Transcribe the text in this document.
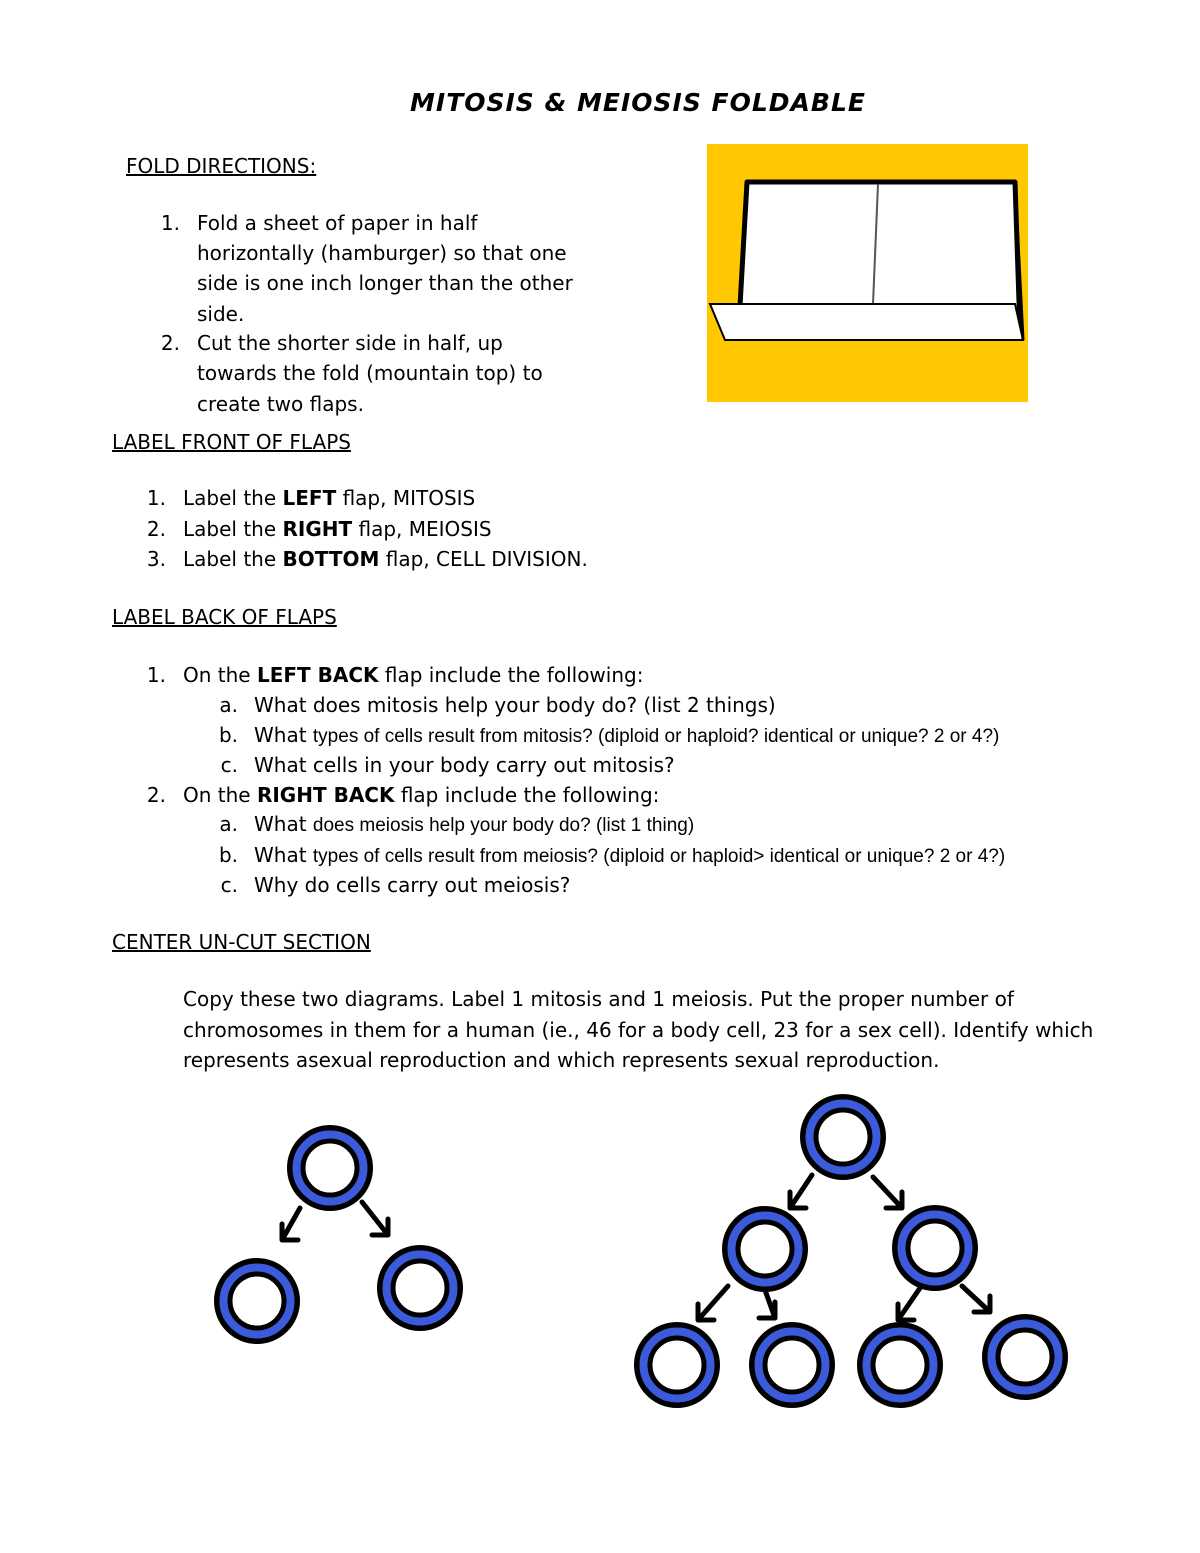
MITOSIS & MEIOSIS FOLDABLE
FOLD DIRECTIONS:
1. Fold a sheet of paper in half
horizontally (hamburger) so that one
side is one inch longer than the other
side.
2. Cut the shorter side in half, up
towards the fold (mountain top) to
create two flaps.
LABEL FRONT OF FLAPS
1. Label the LEFT flap, MITOSIS
2. Label the RIGHT flap, MEIOSIS
3. Label the BOTTOM flap, CELL DIVISION.
LABEL BACK OF FLAPS
1. On the LEFT BACK flap include the following:
a. What does mitosis help your body do? (list 2 things)
b. What types of cells result from mitosis? (diploid or haploid? identical or unique? 2 or 4?)
c. What cells in your body carry out mitosis?
2. On the RIGHT BACK flap include the following:
a. What does meiosis help your body do? (list 1 thing)
b. What types of cells result from meiosis? (diploid or haploid> identical or unique? 2 or 4?)
c. Why do cells carry out meiosis?
CENTER UN-CUT SECTION
Copy these two diagrams. Label 1 mitosis and 1 meiosis. Put the proper number of chromosomes in them for a human (ie., 46 for a body cell, 23 for a sex cell). Identify which represents asexual reproduction and which represents sexual reproduction.
